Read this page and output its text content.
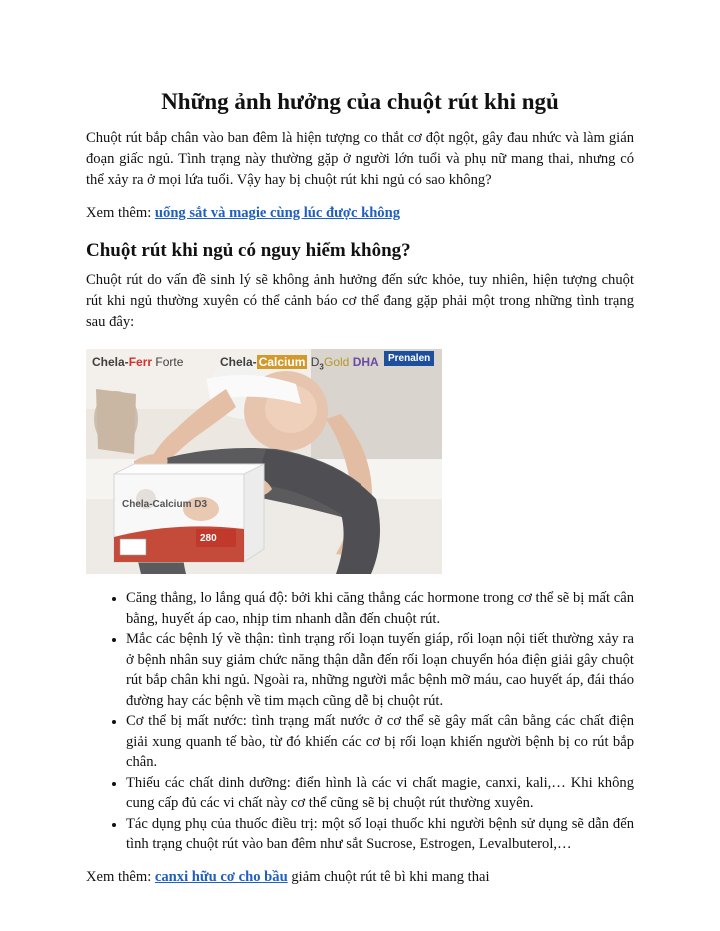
Những ảnh hưởng của chuột rút khi ngủ

Chuột rút bắp chân vào ban đêm là hiện tượng co thắt cơ đột ngột, gây đau nhức và làm gián đoạn giấc ngủ. Tình trạng này thường gặp ở người lớn tuổi và phụ nữ mang thai, nhưng có thể xảy ra ở mọi lứa tuổi. Vậy hay bị chuột rút khi ngủ có sao không?

Xem thêm: uống sắt và magie cùng lúc được không

Chuột rút khi ngủ có nguy hiểm không?

Chuột rút do vấn đề sinh lý sẽ không ảnh hưởng đến sức khỏe, tuy nhiên, hiện tượng chuột rút khi ngủ thường xuyên có thể cảnh báo cơ thể đang gặp phải một trong những tình trạng sau đây:

Chela-Ferr Forte	Chela- Calcium $D_3$ Gold DHA Prenalen
Chela-Calcium D3
280
• Căng thẳng, lo lắng quá độ: bởi khi căng thẳng các hormone trong cơ thể sẽ bị mất cân bằng, huyết áp cao, nhịp tim nhanh dẫn đến chuột rút.
• Mắc các bệnh lý về thận: tình trạng rối loạn tuyến giáp, rối loạn nội tiết thường xảy ra ở bệnh nhân suy giảm chức năng thận dẫn đến rối loạn chuyển hóa điện giải gây chuột rút bắp chân khi ngủ. Ngoài ra, những người mắc bệnh mỡ máu, cao huyết áp, đái tháo đường hay các bệnh về tim mạch cũng dễ bị chuột rút.
• Cơ thể bị mất nước: tình trạng mất nước ở cơ thể sẽ gây mất cân bằng các chất điện giải xung quanh tế bào, từ đó khiến các cơ bị rối loạn khiến người bệnh bị co rút bắp chân.
• Thiếu các chất dinh dưỡng: điển hình là các vi chất magie, canxi, kali,… Khi không cung cấp đủ các vi chất này cơ thể cũng sẽ bị chuột rút thường xuyên.
• Tác dụng phụ của thuốc điều trị: một số loại thuốc khi người bệnh sử dụng sẽ dẫn đến tình trạng chuột rút vào ban đêm như sắt Sucrose, Estrogen, Levalbuterol,…

Xem thêm: canxi hữu cơ cho bầu giảm chuột rút tê bì khi mang thai
